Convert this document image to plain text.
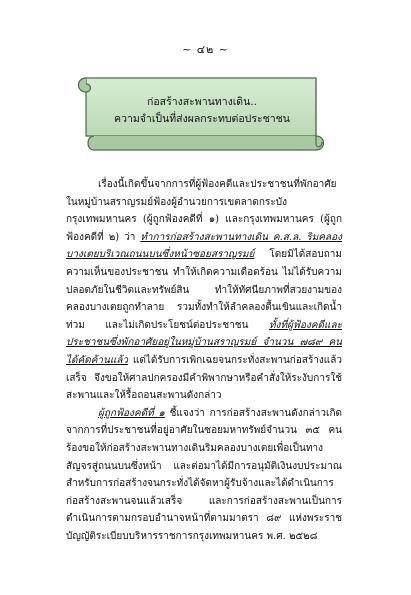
~ ๔๒ ~
ก่อสร้างสะพานทางเดิน..
ความจำเป็นที่ส่งผลกระทบต่อประชาชน

เรื่องนี้เกิดขึ้นจากการที่ผู้ฟ้องคดีและประชาชนที่พักอาศัยในหมู่บ้านสราญรมย์ฟ้องผู้อำนวยการเขตลาดกระบัง กรุงเทพมหานคร (ผู้ถูกฟ้องคดีที่ ๑) และกรุงเทพมหานคร (ผู้ถูกฟ้องคดีที่ ๒) ว่า ทำการก่อสร้างสะพานทางเดิน ค.ส.ล. ริมคลองบางเตยบริเวณถนนบนซึ่งหน้าซอยสราญรมย์ โดยมิได้สอบถามความเห็นของประชาชน ทำให้เกิดความเดือดร้อน ไม่ได้รับความปลอดภัยในชีวิตและทรัพย์สิน ทำให้ทัศนียภาพที่สวยงามของคลองบางเตยถูกทำลาย รวมทั้งทำให้ลำคลองตื้นเขินและเกิดน้ำท่วม และไม่เกิดประโยชน์ต่อประชาชน ทั้งที่ผู้ฟ้องคดีและประชาชนซึ่งพักอาศัยอยู่ในหมู่บ้านสราญรมย์ จำนวน ๗๘๙ คน ได้คัดค้านแล้ว แต่ได้รับการเพิกเฉยจนกระทั่งสะพานก่อสร้างแล้วเสร็จ จึงขอให้ศาลปกครองมีคำพิพากษาหรือคำสั่งให้ระงับการใช้สะพานและให้รื้อถอนสะพานดังกล่าว

ผู้ถูกฟ้องคดีที่ ๑ ชี้แจงว่า การก่อสร้างสะพานดังกล่าวเกิดจากการที่ประชาชนที่อยู่อาศัยในซอยมหาทรัพย์จำนวน ๓๕ คน ร้องขอให้ก่อสร้างสะพานทางเดินริมคลองบางเตยเพื่อเป็นทางสัญจรสู่ถนนบนซึ่งหน้า และต่อมาได้มีการอนุมัติเงินงบประมาณสำหรับการก่อสร้างจนกระทั่งได้จัดหาผู้รับจ้างและได้ดำเนินการก่อสร้างสะพานจนแล้วเสร็จ และการก่อสร้างสะพานเป็นการดำเนินการตามกรอบอำนาจหน้าที่ตามมาตรา ๘๙ แห่งพระราชบัญญัติระเบียบบริหารราชการกรุงเทพมหานคร พ.ศ. ๒๕๒๘
